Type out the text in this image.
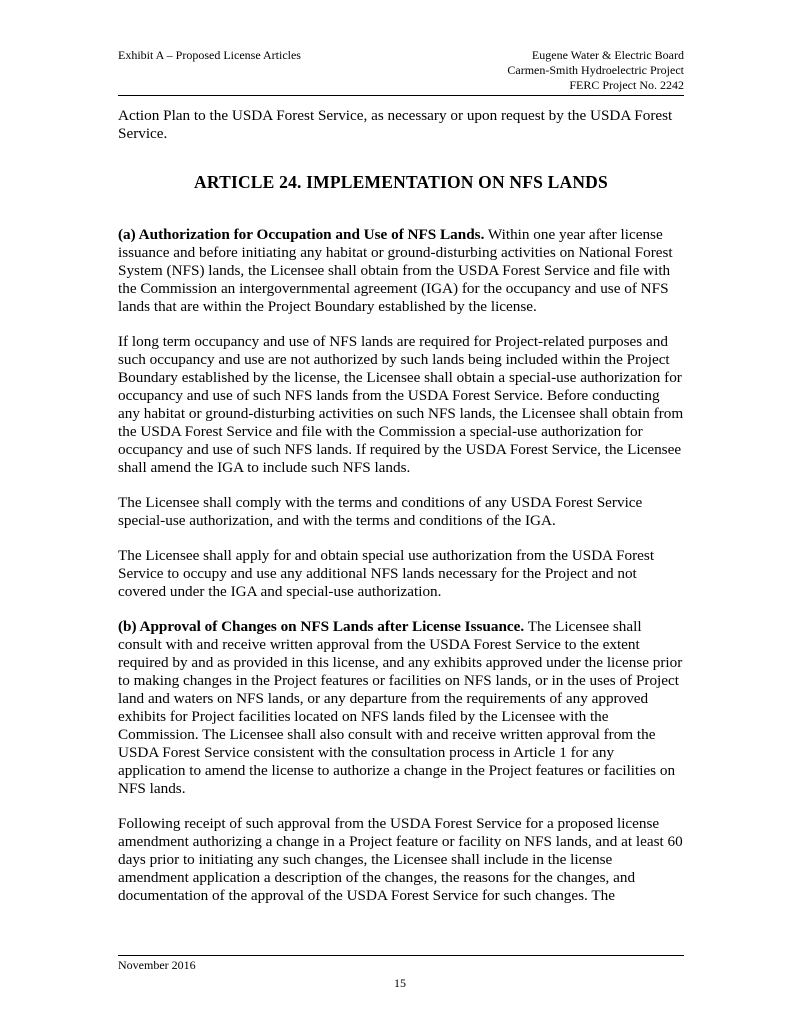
Exhibit A – Proposed License Articles	Eugene Water & Electric Board
Carmen-Smith Hydroelectric Project
FERC Project No. 2242

Action Plan to the USDA Forest Service, as necessary or upon request by the USDA Forest Service.

ARTICLE 24. IMPLEMENTATION ON NFS LANDS

(a) Authorization for Occupation and Use of NFS Lands. Within one year after license issuance and before initiating any habitat or ground-disturbing activities on National Forest System (NFS) lands, the Licensee shall obtain from the USDA Forest Service and file with the Commission an intergovernmental agreement (IGA) for the occupancy and use of NFS lands that are within the Project Boundary established by the license.

If long term occupancy and use of NFS lands are required for Project-related purposes and such occupancy and use are not authorized by such lands being included within the Project Boundary established by the license, the Licensee shall obtain a special-use authorization for occupancy and use of such NFS lands from the USDA Forest Service. Before conducting any habitat or ground-disturbing activities on such NFS lands, the Licensee shall obtain from the USDA Forest Service and file with the Commission a special-use authorization for occupancy and use of such NFS lands. If required by the USDA Forest Service, the Licensee shall amend the IGA to include such NFS lands.

The Licensee shall comply with the terms and conditions of any USDA Forest Service special-use authorization, and with the terms and conditions of the IGA.

The Licensee shall apply for and obtain special use authorization from the USDA Forest Service to occupy and use any additional NFS lands necessary for the Project and not covered under the IGA and special-use authorization.

(b) Approval of Changes on NFS Lands after License Issuance. The Licensee shall consult with and receive written approval from the USDA Forest Service to the extent required by and as provided in this license, and any exhibits approved under the license prior to making changes in the Project features or facilities on NFS lands, or in the uses of Project land and waters on NFS lands, or any departure from the requirements of any approved exhibits for Project facilities located on NFS lands filed by the Licensee with the Commission. The Licensee shall also consult with and receive written approval from the USDA Forest Service consistent with the consultation process in Article 1 for any application to amend the license to authorize a change in the Project features or facilities on NFS lands.

Following receipt of such approval from the USDA Forest Service for a proposed license amendment authorizing a change in a Project feature or facility on NFS lands, and at least 60 days prior to initiating any such changes, the Licensee shall include in the license amendment application a description of the changes, the reasons for the changes, and documentation of the approval of the USDA Forest Service for such changes. The

November 2016
15
